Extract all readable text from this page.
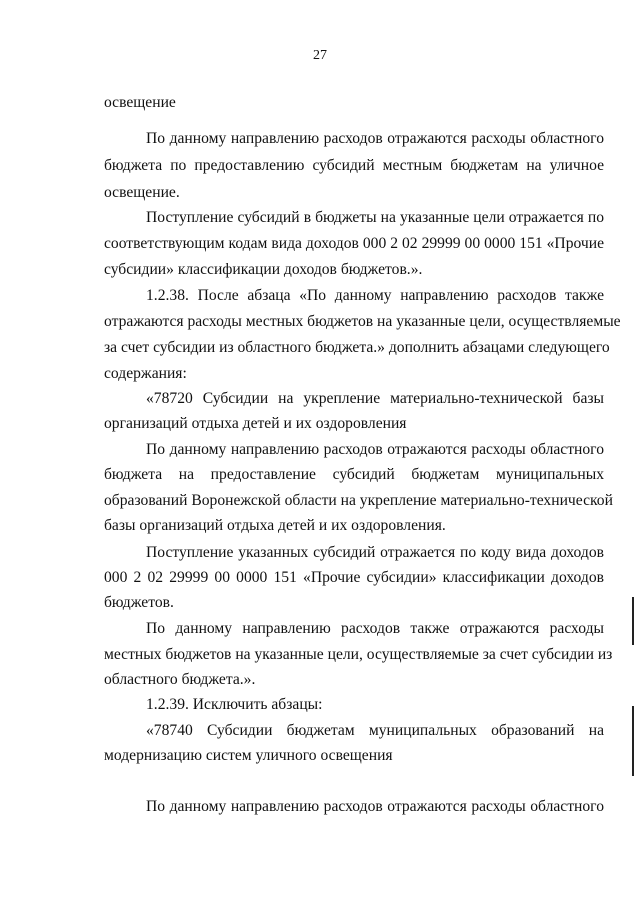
27
освещение
По данному направлению расходов отражаются расходы областного
бюджета по предоставлению субсидий местным бюджетам на уличное
освещение.
Поступление субсидий в бюджеты на указанные цели отражается по
соответствующим кодам вида доходов 000 2 02 29999 00 0000 151 «Прочие
субсидии» классификации доходов бюджетов.».
1.2.38. После абзаца «По данному направлению расходов также
отражаются расходы местных бюджетов на указанные цели, осуществляемые
за счет субсидии из областного бюджета.» дополнить абзацами следующего
содержания:
«78720 Субсидии на укрепление материально-технической базы
организаций отдыха детей и их оздоровления
По данному направлению расходов отражаются расходы областного
бюджета на предоставление субсидий бюджетам муниципальных
образований Воронежской области на укрепление материально-технической
базы организаций отдыха детей и их оздоровления.
Поступление указанных субсидий отражается по коду вида доходов
000 2 02 29999 00 0000 151 «Прочие субсидии» классификации доходов
бюджетов.
По данному направлению расходов также отражаются расходы
местных бюджетов на указанные цели, осуществляемые за счет субсидии из
областного бюджета.».
1.2.39. Исключить абзацы:
«78740 Субсидии бюджетам муниципальных образований на
модернизацию систем уличного освещения
По данному направлению расходов отражаются расходы областного
